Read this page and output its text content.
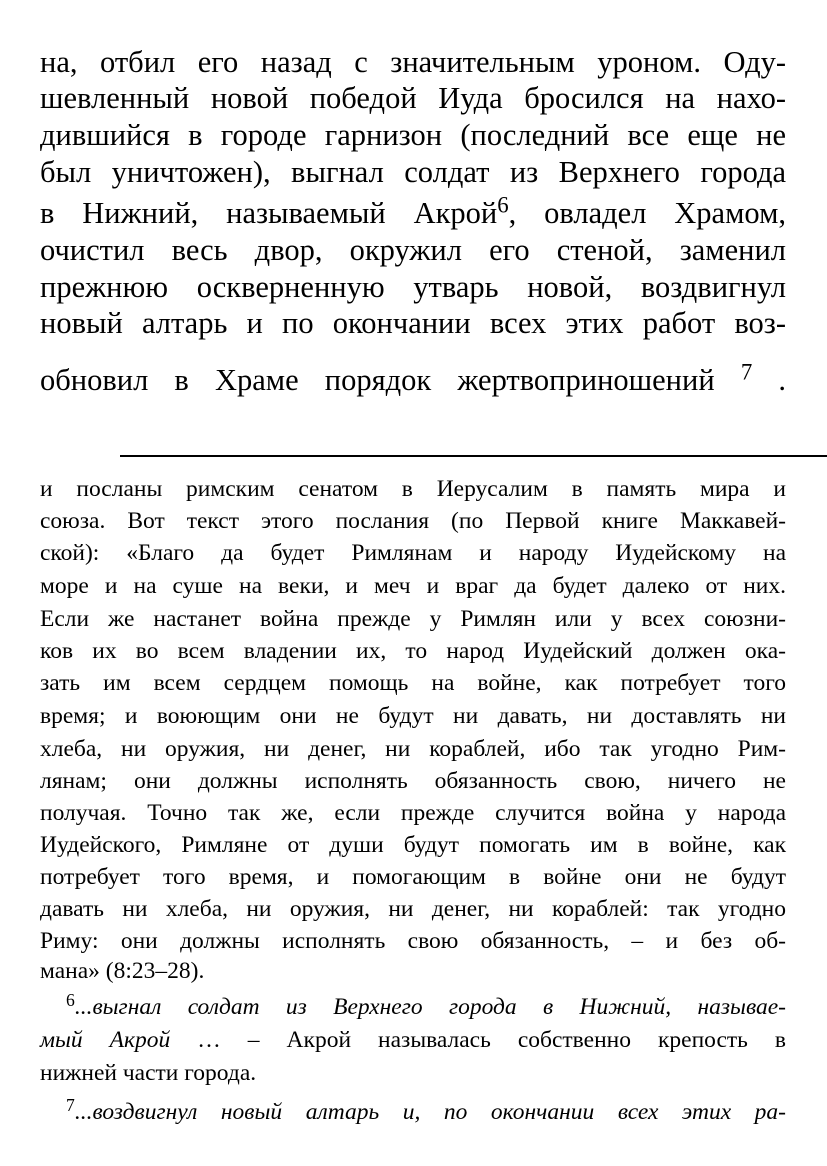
на, отбил его назад с значительным уроном. Оду-
шевленный новой победой Иуда бросился на нахо-
дившийся в городе гарнизон (последний все еще не
был уничтожен), выгнал солдат из Верхнего города
в Нижний, называемый Акрой$^6$, овладел Храмом,
очистил весь двор, окружил его стеной, заменил
прежнюю оскверненную утварь новой, воздвигнул
новый алтарь и по окончании всех этих работ воз-
обновил в Храме порядок жертвоприношений $^7$ .
и посланы римским сенатом в Иерусалим в память мира и
союза. Вот текст этого послания (по Первой книге Маккавей-
ской): «Благо да будет Римлянам и народу Иудейскому на
море и на суше на веки, и меч и враг да будет далеко от них.
Если же настанет война прежде у Римлян или у всех союзни-
ков их во всем владении их, то народ Иудейский должен ока-
зать им всем сердцем помощь на войне, как потребует того
время; и воюющим они не будут ни давать, ни доставлять ни
хлеба, ни оружия, ни денег, ни кораблей, ибо так угодно Рим-
лянам; они должны исполнять обязанность свою, ничего не
получая. Точно так же, если прежде случится война у народа
Иудейского, Римляне от души будут помогать им в войне, как
потребует того время, и помогающим в войне они не будут
давать ни хлеба, ни оружия, ни денег, ни кораблей: так угодно
Риму: они должны исполнять свою обязанность, – и без об-
мана» (8:23–28).
$^6$...выгнал солдат из Верхнего города в Нижний, называе-
мый Акрой … – Акрой называлась собственно крепость в
нижней части города.
$^7$...воздвигнул новый алтарь и, по окончании всех этих ра-
